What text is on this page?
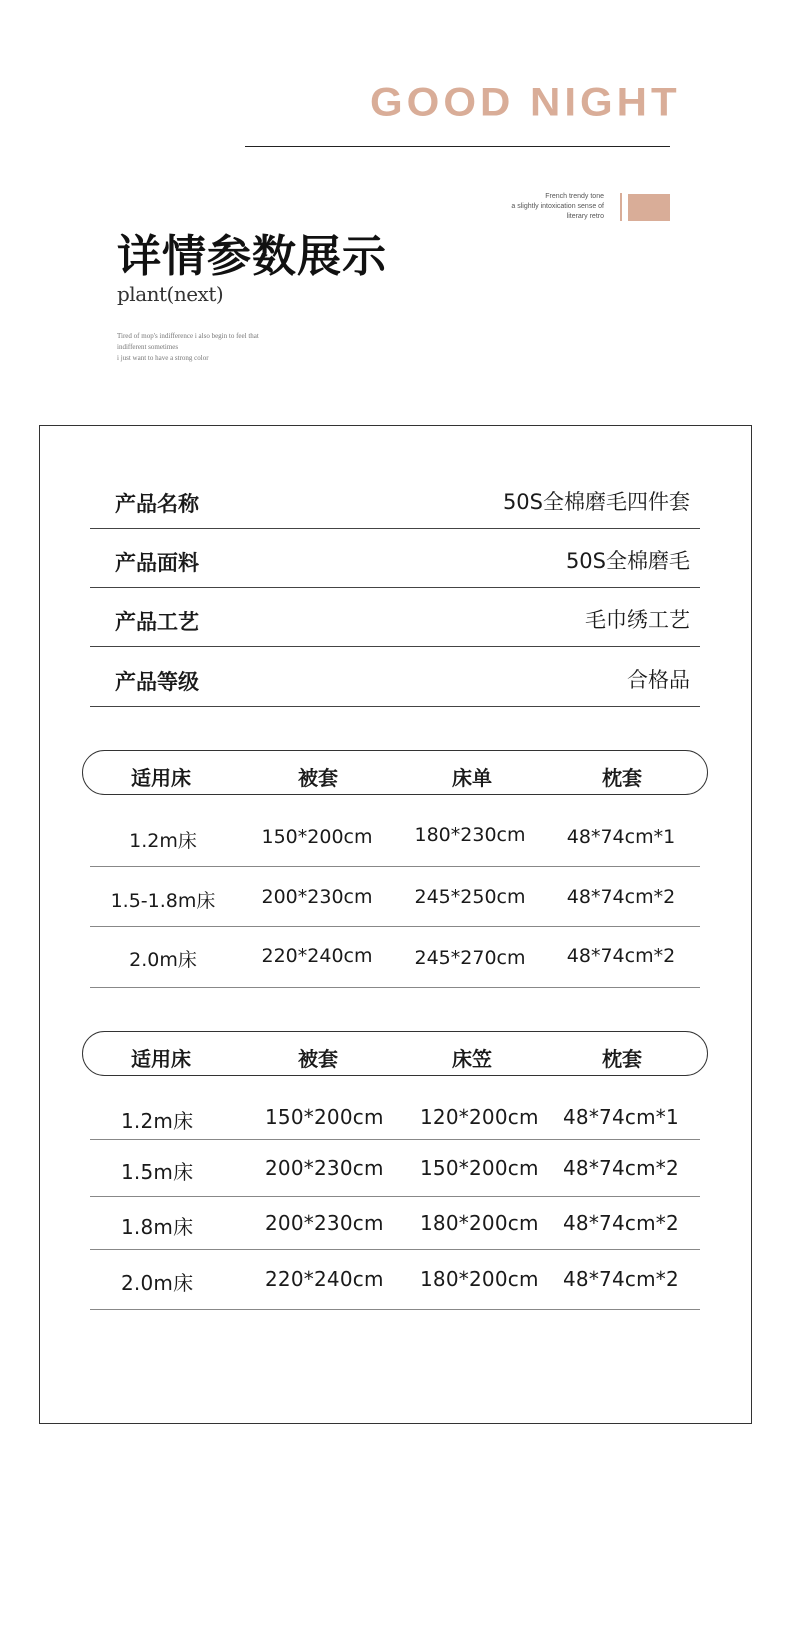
GOOD NIGHT
French trendy tone
a slightly intoxication sense of
literary retro
详情参数展示
plant(next)
Tired of mop's indifference i also begin to feel that
indifferent sometimes
i just want to have a strong color
产品名称	50S全棉磨毛四件套
产品面料	50S全棉磨毛
产品工艺	毛巾绣工艺
产品等级	合格品
适用床	被套	床单	枕套
1.2m床	150*200cm 180*230cm 48*74cm*1
1.5-1.8m床 200*230cm 245*250cm 48*74cm*2
2.0m床	220*240cm 245*270cm 48*74cm*2
适用床	被套	床笠	枕套
1.2m床	150*200cm 120*200cm 48*74cm*1
1.5m床	200*230cm 150*200cm 48*74cm*2
1.8m床	200*230cm 180*200cm 48*74cm*2
2.0m床	220*240cm 180*200cm 48*74cm*2
